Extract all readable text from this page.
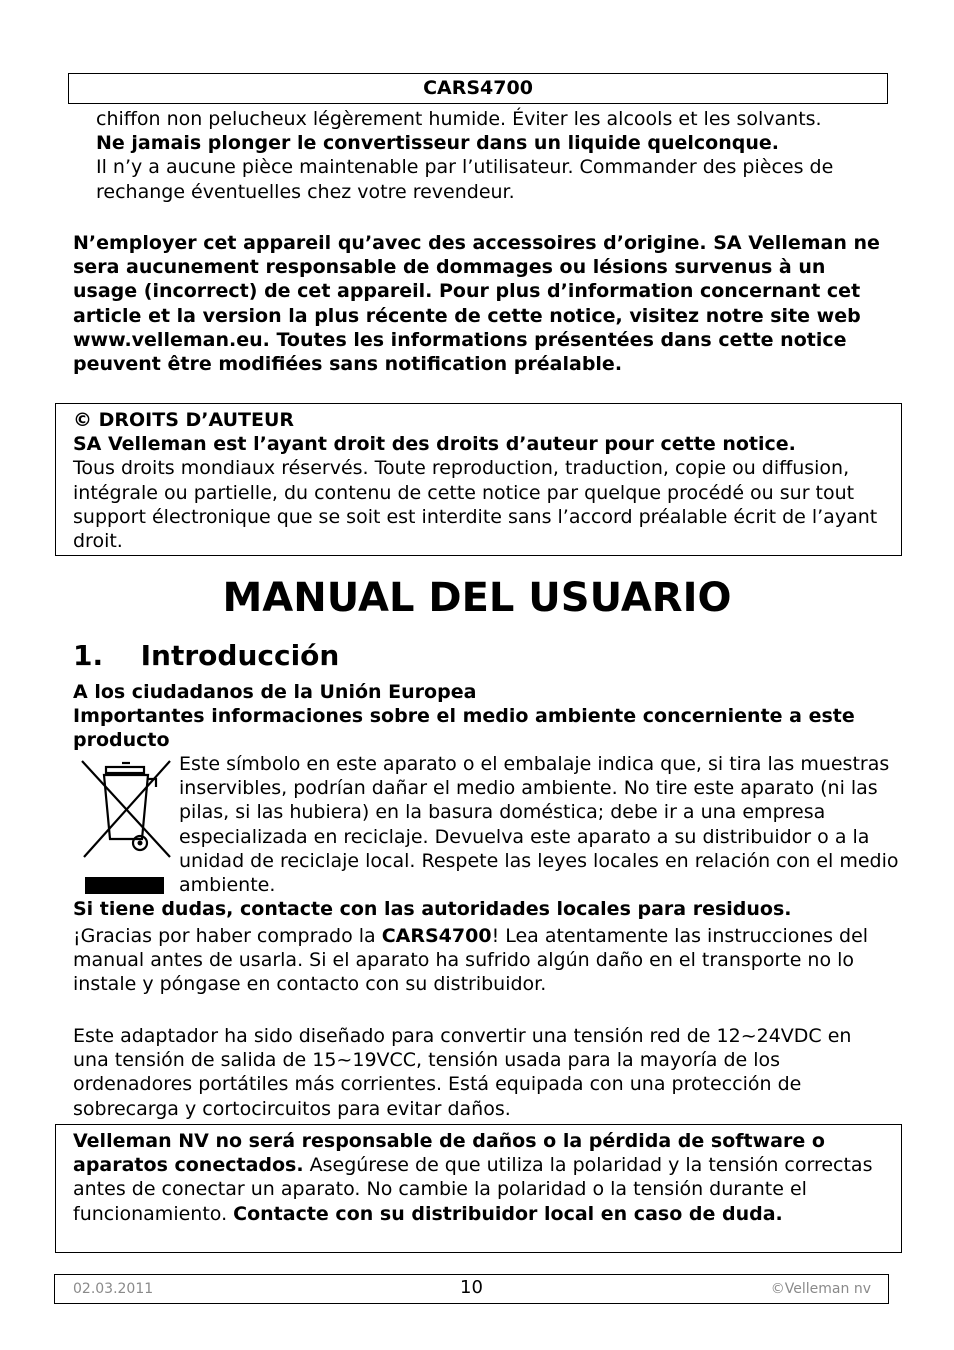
CARS4700

chiffon non pelucheux légèrement humide. Éviter les alcools et les solvants.

Ne jamais plonger le convertisseur dans un liquide quelconque.

Il n’y a aucune pièce maintenable par l’utilisateur. Commander des pièces de rechange éventuelles chez votre revendeur.

N’employer cet appareil qu’avec des accessoires d’origine. SA Velleman ne sera aucunement responsable de dommages ou lésions survenus à un usage (incorrect) de cet appareil. Pour plus d’information concernant cet article et la version la plus récente de cette notice, visitez notre site web www.velleman.eu. Toutes les informations présentées dans cette notice peuvent être modifiées sans notification préalable.

© DROITS D’AUTEUR

SA Velleman est l’ayant droit des droits d’auteur pour cette notice.

Tous droits mondiaux réservés. Toute reproduction, traduction, copie ou diffusion, intégrale ou partielle, du contenu de cette notice par quelque procédé ou sur tout support électronique que se soit est interdite sans l’accord préalable écrit de l’ayant droit.

MANUAL DEL USUARIO
1. Introducción

A los ciudadanos de la Unión Europea

Importantes informaciones sobre el medio ambiente concerniente a este producto

Este símbolo en este aparato o el embalaje indica que, si tira las muestras inservibles, podrían dañar el medio ambiente. No tire este aparato (ni las pilas, si las hubiera) en la basura doméstica; debe ir a una empresa especializada en reciclaje. Devuelva este aparato a su distribuidor o a la unidad de reciclaje local. Respete las leyes locales en relación con el medio ambiente.

Si tiene dudas, contacte con las autoridades locales para residuos.

¡Gracias por haber comprado la CARS4700! Lea atentamente las instrucciones del manual antes de usarla. Si el aparato ha sufrido algún daño en el transporte no lo instale y póngase en contacto con su distribuidor.

Este adaptador ha sido diseñado para convertir una tensión red de 12~24VDC en una tensión de salida de 15~19VCC, tensión usada para la mayoría de los ordenadores portátiles más corrientes. Está equipada con una protección de sobrecarga y cortocircuitos para evitar daños.

Velleman NV no será responsable de daños o la pérdida de software o aparatos conectados. Asegúrese de que utiliza la polaridad y la tensión correctas antes de conectar un aparato. No cambie la polaridad o la tensión durante el funcionamiento. Contacte con su distribuidor local en caso de duda.

02.03.2011	10	©Velleman nv
